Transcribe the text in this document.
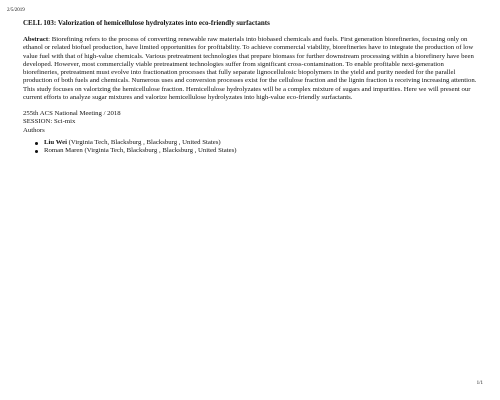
2/5/2019
CELL 103: Valorization of hemicellulose hydrolyzates into eco-friendly surfactants

Abstract: Biorefining refers to the process of converting renewable raw materials into biobased chemicals and fuels. First generation biorefineries, focusing only on ethanol or related biofuel production, have limited opportunities for profitability. To achieve commercial viability, biorefineries have to integrate the production of low value fuel with that of high-value chemicals. Various pretreatment technologies that prepare biomass for further downstream processing within a biorefinery have been developed. However, most commercially viable pretreatment technologies suffer from significant cross-contamination. To enable profitable next-generation biorefineries, pretreatment must evolve into fractionation processes that fully separate lignocellulosic biopolymers in the yield and purity needed for the parallel production of both fuels and chemicals. Numerous uses and conversion processes exist for the cellulose fraction and the lignin fraction is receiving increasing attention. This study focuses on valorizing the hemicellulose fraction. Hemicellulose hydrolyzates will be a complex mixture of sugars and impurities. Here we will present our current efforts to analyze sugar mixtures and valorize hemicellulose hydrolyzates into high-value eco-friendly surfactants.

255th ACS National Meeting / 2018

SESSION: Sci-mix

Authors

Liu Wei (Virginia Tech, Blacksburg , Blacksburg , United States)
Roman Maren (Virginia Tech, Blacksburg , Blacksburg , United States)
1/1
